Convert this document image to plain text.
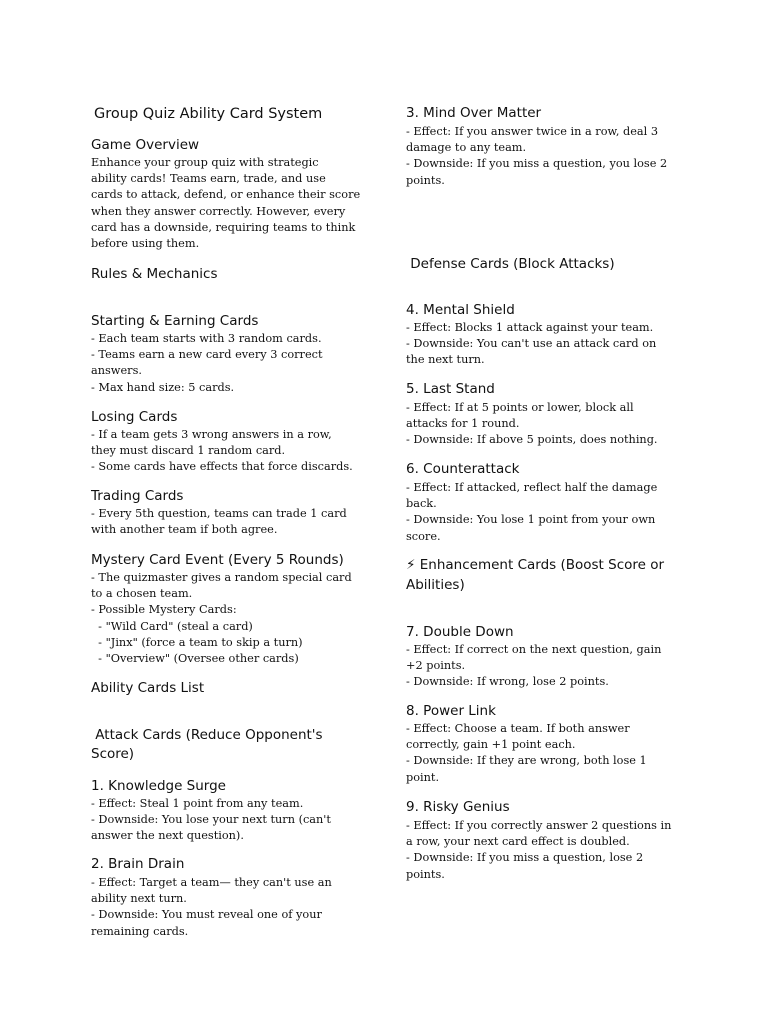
Group Quiz Ability Card System
Game Overview
Enhance your group quiz with strategic
ability cards! Teams earn, trade, and use
cards to attack, defend, or enhance their score
when they answer correctly. However, every
card has a downside, requiring teams to think
before using them.
Rules & Mechanics
Starting & Earning Cards
- Each team starts with 3 random cards.
- Teams earn a new card every 3 correct
answers.
- Max hand size: 5 cards.
Losing Cards
- If a team gets 3 wrong answers in a row,
they must discard 1 random card.
- Some cards have effects that force discards.
Trading Cards
- Every 5th question, teams can trade 1 card
with another team if both agree.
Mystery Card Event (Every 5 Rounds)
- The quizmaster gives a random special card
to a chosen team.
- Possible Mystery Cards:
- "Wild Card" (steal a card)
- "Jinx" (force a team to skip a turn)
- "Overview" (Oversee other cards)
Ability Cards List
Attack Cards (Reduce Opponent's
Score)
1. Knowledge Surge
- Effect: Steal 1 point from any team.
- Downside: You lose your next turn (can't
answer the next question).
2. Brain Drain
- Effect: Target a team— they can't use an
ability next turn.
- Downside: You must reveal one of your
remaining cards.
3. Mind Over Matter
- Effect: If you answer twice in a row, deal 3
damage to any team.
- Downside: If you miss a question, you lose 2
points.
Defense Cards (Block Attacks)
4. Mental Shield
- Effect: Blocks 1 attack against your team.
- Downside: You can't use an attack card on
the next turn.
5. Last Stand
- Effect: If at 5 points or lower, block all
attacks for 1 round.
- Downside: If above 5 points, does nothing.
6. Counterattack
- Effect: If attacked, reflect half the damage
back.
- Downside: You lose 1 point from your own
score.
⚡ Enhancement Cards (Boost Score or
Abilities)
7. Double Down
- Effect: If correct on the next question, gain
+2 points.
- Downside: If wrong, lose 2 points.
8. Power Link
- Effect: Choose a team. If both answer
correctly, gain +1 point each.
- Downside: If they are wrong, both lose 1
point.
9. Risky Genius
- Effect: If you correctly answer 2 questions in
a row, your next card effect is doubled.
- Downside: If you miss a question, lose 2
points.
